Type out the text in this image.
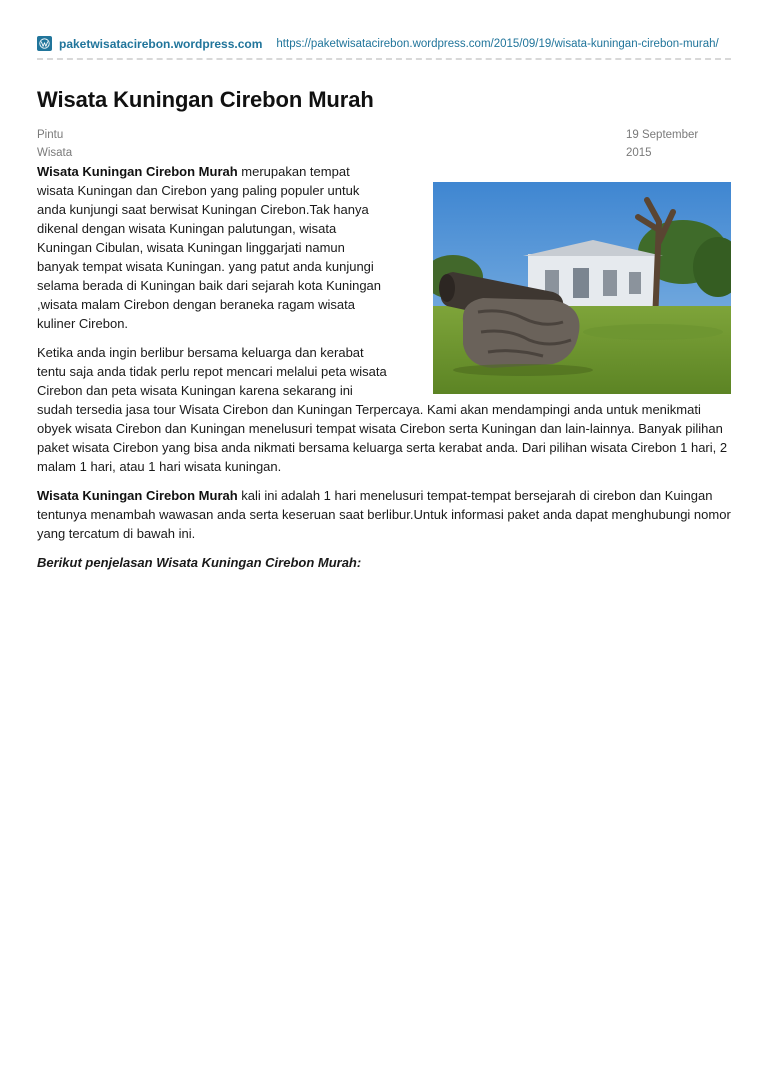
paketwisatacirebon.wordpress.com https://paketwisatacirebon.wordpress.com/2015/09/19/wisata-kuningan-cirebon-murah/
Wisata Kuningan Cirebon Murah
Pintu
Wisata
19 September
2015

Wisata Kuningan Cirebon Murah merupakan tempat
wisata Kuningan dan Cirebon yang paling populer untuk
anda kunjungi saat berwisat Kuningan Cirebon.Tak hanya
dikenal dengan wisata Kuningan palutungan, wisata
Kuningan Cibulan, wisata Kuningan linggarjati namun
banyak tempat wisata Kuningan. yang patut anda kunjungi
selama berada di Kuningan baik dari sejarah kota Kuningan
,wisata malam Cirebon dengan beraneka ragam wisata
kuliner Cirebon.

Ketika anda ingin berlibur bersama keluarga dan kerabat
tentu saja anda tidak perlu repot mencari melalui peta wisata
Cirebon dan peta wisata Kuningan karena sekarang ini
sudah tersedia jasa tour Wisata Cirebon dan Kuningan Terpercaya. Kami akan mendampingi anda untuk menikmati obyek wisata Cirebon dan Kuningan menelusuri tempat wisata Cirebon serta Kuningan dan lain-lainnya. Banyak pilihan paket wisata Cirebon yang bisa anda nikmati bersama keluarga serta kerabat anda. Dari pilihan wisata Cirebon 1 hari, 2 malam 1 hari, atau 1 hari wisata kuningan.

Wisata Kuningan Cirebon Murah kali ini adalah 1 hari menelusuri tempat-tempat bersejarah di cirebon dan Kuingan tentunya menambah wawasan anda serta keseruan saat berlibur.Untuk informasi paket anda dapat menghubungi nomor yang tercatum di bawah ini.

Berikut penjelasan Wisata Kuningan Cirebon Murah:
